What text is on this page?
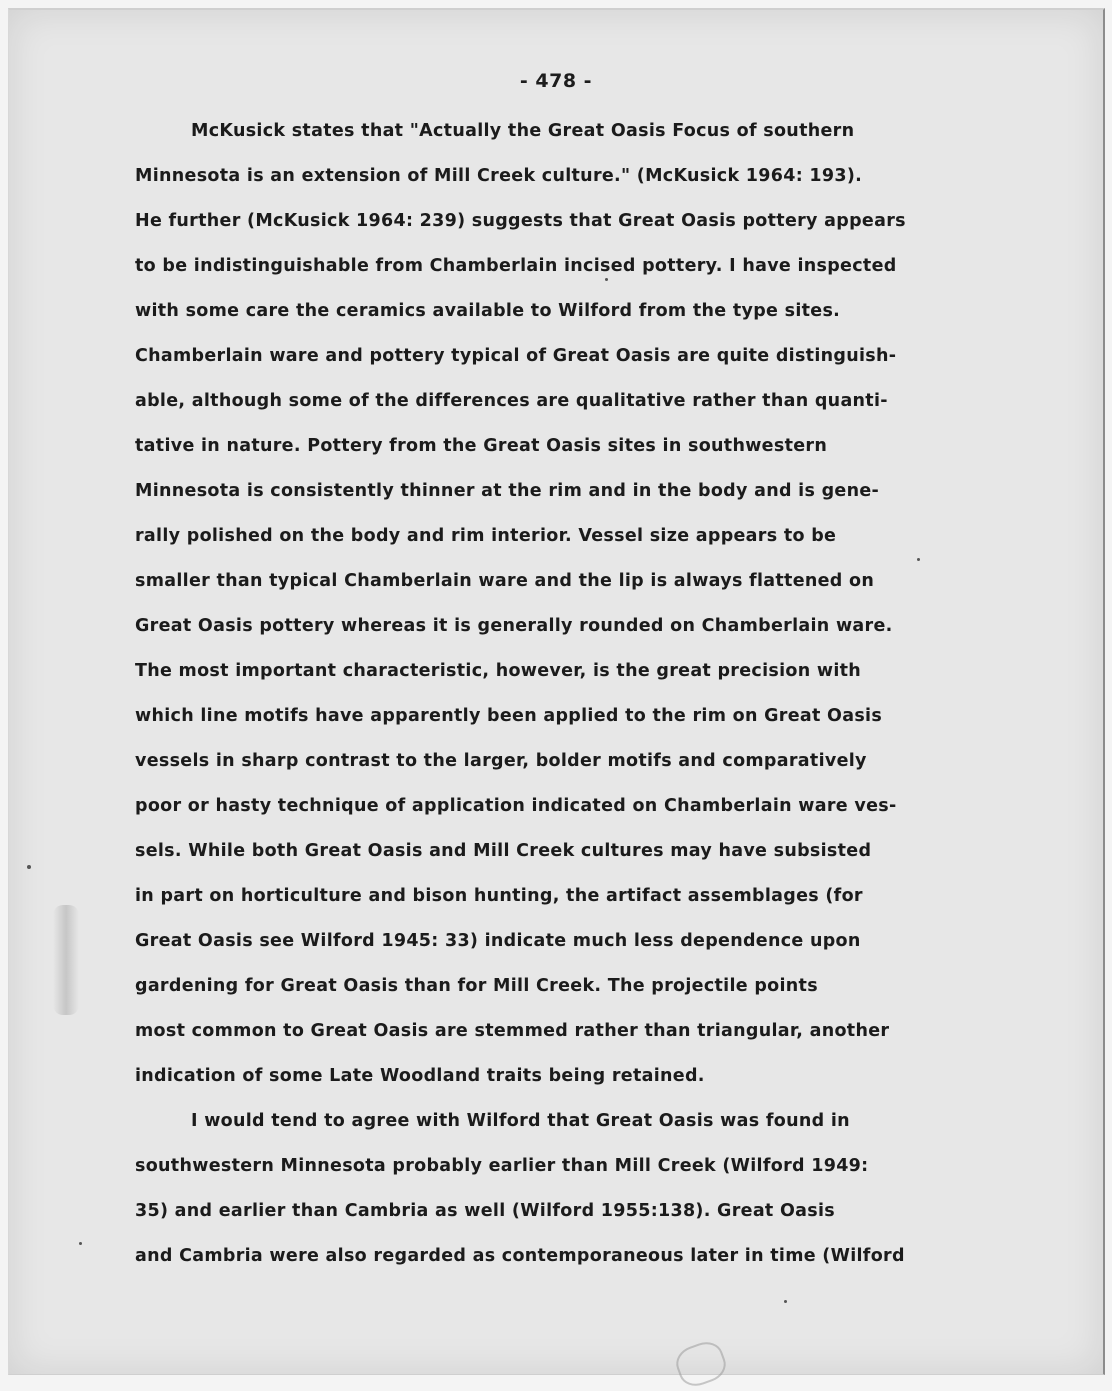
- 478 -
McKusick states that "Actually the Great Oasis Focus of southern
Minnesota is an extension of Mill Creek culture." (McKusick 1964: 193).
He further (McKusick 1964: 239) suggests that Great Oasis pottery appears
to be indistinguishable from Chamberlain incised pottery. I have inspected
with some care the ceramics available to Wilford from the type sites.
Chamberlain ware and pottery typical of Great Oasis are quite distinguish-
able, although some of the differences are qualitative rather than quanti-
tative in nature. Pottery from the Great Oasis sites in southwestern
Minnesota is consistently thinner at the rim and in the body and is gene-
rally polished on the body and rim interior. Vessel size appears to be
smaller than typical Chamberlain ware and the lip is always flattened on
Great Oasis pottery whereas it is generally rounded on Chamberlain ware.
The most important characteristic, however, is the great precision with
which line motifs have apparently been applied to the rim on Great Oasis
vessels in sharp contrast to the larger, bolder motifs and comparatively
poor or hasty technique of application indicated on Chamberlain ware ves-
sels. While both Great Oasis and Mill Creek cultures may have subsisted
in part on horticulture and bison hunting, the artifact assemblages (for
Great Oasis see Wilford 1945: 33) indicate much less dependence upon
gardening for Great Oasis than for Mill Creek. The projectile points
most common to Great Oasis are stemmed rather than triangular, another
indication of some Late Woodland traits being retained.
I would tend to agree with Wilford that Great Oasis was found in
southwestern Minnesota probably earlier than Mill Creek (Wilford 1949:
35) and earlier than Cambria as well (Wilford 1955:138). Great Oasis
and Cambria were also regarded as contemporaneous later in time (Wilford
